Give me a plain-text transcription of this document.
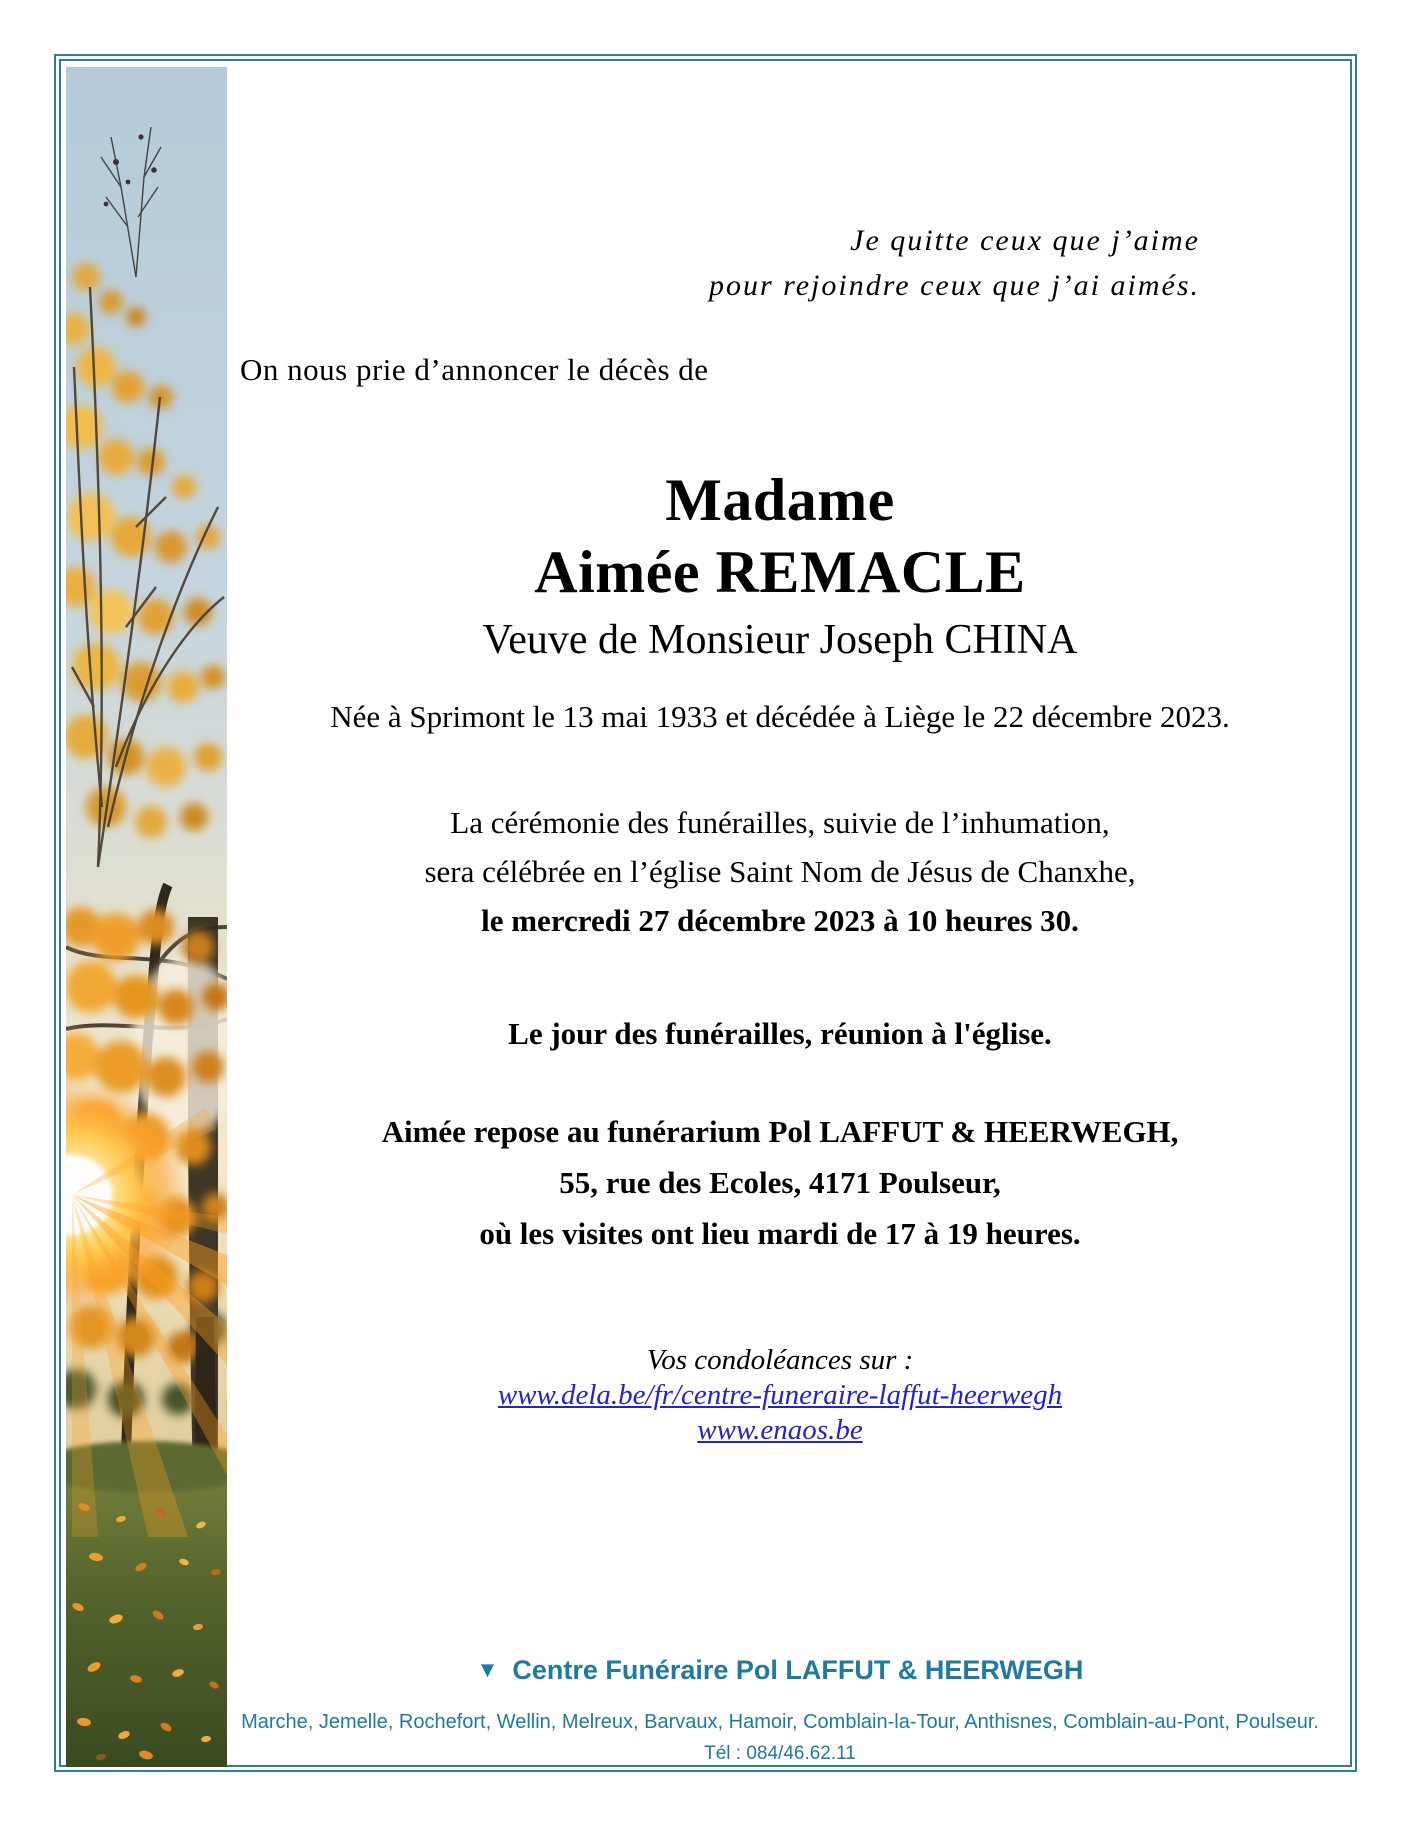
Je quitte ceux que j’aime
pour rejoindre ceux que j’ai aimés.
On nous prie d’annoncer le décès de
Madame
Aimée REMACLE
Veuve de Monsieur Joseph CHINA
Née à Sprimont le 13 mai 1933 et décédée à Liège le 22 décembre 2023.
La cérémonie des funérailles, suivie de l’inhumation,
sera célébrée en l’église Saint Nom de Jésus de Chanxhe,
le mercredi 27 décembre 2023 à 10 heures 30.
Le jour des funérailles, réunion à l'église.
Aimée repose au funérarium Pol LAFFUT & HEERWEGH,
55, rue des Ecoles, 4171 Poulseur,
où les visites ont lieu mardi de 17 à 19 heures.
Vos condoléances sur :
www.dela.be/fr/centre-funeraire-laffut-heerwegh
www.enaos.be
▼ Centre Funéraire Pol LAFFUT & HEERWEGH
Marche, Jemelle, Rochefort, Wellin, Melreux, Barvaux, Hamoir, Comblain-la-Tour, Anthisnes, Comblain-au-Pont, Poulseur.
Tél : 084/46.62.11
